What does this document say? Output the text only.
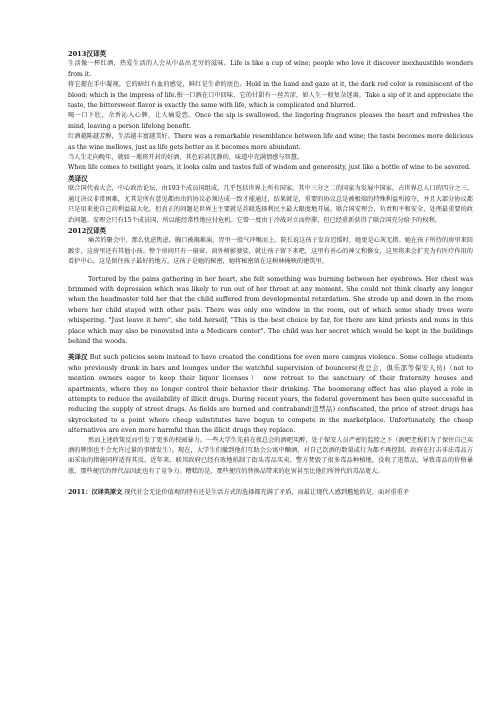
2013汉译英

生活像一杯红酒，热爱生活的人会从中品出无穷的滋味。Life is like a cup of wine; people who love it discover inexhaustible wonders from it.

将它握在手中凝视，它的暗红有血的感觉，鲜红是生命的底色。Hold in the hand and gaze at it, the dark red color is reminiscent of the blood; which is the impress of life.抿一口酒在口中回味，它的甘甜有一丝苦涩，如人生一般复杂迷离。Take a sip of it and appreciate the taste, the bittersweet flavor is exactly the same with life, which is complicated and blurred.

喝一口下肚，余香沁入心脾，让人痛爱恋。Once the sip is swallowed, the lingering fragrance pleases the heart and refreshes the mind, leaving a person lifelong benefit.

红酒越陈越芳醇，生活越丰富越美好。There was a remarkable resemblance between life and wine; the taste becomes more delicious as the wine mellows, just as life gets better as it becomes more abundant.

当人生走向晚年，就如一瓶将开封的好酒，其色彩甚沉静的，味道中充满情感与智慧。

When life comes to twilight years, it looks calm and tastes full of wisdom and generosity, just like a bottle of wine to be savored.

英译汉

联合国代表大会，中心政治论坛，由193个成员国组成，几乎包括世界上所有国家。其中三分之二的国家为发展中国家，占世界总人口的四分之三。通过决议非常困难，尤其是所有意见都由出的协议必须达成一致才能通过，结果就是，重要的协议总是被极端的特殊利益所掠夺，并且大部分协议都只是用来使自己的利益最大化，但真正的问题是世界上主要就是苏联选择利民主最大限度地开展。联合国安理会，负责和平和安全，处理最重要的政治问题。安理会只有15个成员国，所以能经常性地应付危机。它曾一度由于冷战对立而停滞，但已经重新获得了联合国充分给予的权利。

2012汉译英

痛苦的聚会中，那么忧虑焦虑，胸口被揭难演，胃里一股气冲喉而上。院长说这孩子发育迟缓时，她更是心灰无措。她在孩子所待的房里来回踱步，这房里还有其他小孩。整个房间只有一扇窗，窗外树影婆娑，就让孩子留下来吧，这里有善心的神父和修女，这里将来会扩充为有医疗作用的看护中心，这是留住孩子最好的地方。这孩子是她的秘密，她将秘密留在这树林掩映的建筑里。

Tortured by the pains gathering in her heart, she felt something was burning between her eyebrows. Her chest was brimmed with depression which was likely to run out of her throat at any moment. She could not think clearly any longer when the headmaster told her that the child suffered from developmental retardation. She strode up and down in the room where her child stayed with other pals. There was only one window in the room, out of which some shady trees were whispering. "Just leave it here", she told herself, "This is the best choice by far, for there are kind priests and nuns in this place which may also be renovated into a Medicare center". The child was her secret which would be kept in the buildings behind the woods.

英译汉 But such policies seem instead to have created the conditions for even more campus violence. Some college students who previously drank in bars and lounges under the watchful supervision of bouncers(夜总会，俱乐部等保安人员)（not to mention owners eager to keep their liquor licenses） now retreat to the sanctuary of their fraternity houses and apartments, where they no longer control their behavior their drinking. The boomerang effect has also played a role in attempts to reduce the availability of illicit drugs. During recent years, the federal government has been quite successful in reducing the supply of street drugs. As fields are burned and contraband(违禁品) confiscated, the price of street drugs has skyrocketed to a point where cheap substitutes have begun to compete in the marketplace. Unfortunately, the cheap alternatives are even more harmful than the illicit drugs they replace.

然而上述政策反而引发了更多的校园暴力。一些大学生先前在夜总会的酒吧买醉，处于保安人员严密的监控之下（酒吧老板们为了保住自己卖酒的牌照也不会允许过量的事情发生）。现在，大学生们撤到他们互助会公寓中酗酒，对自己饮酒的数量或行为都不再控制。政府在打击非法毒品方面采取的措施同样适得其反。近年来，联邦政府已经有效地掐制了街头毒品买卖。警方焚毁了很多毒品种植地，没收了违禁品，导致毒品的价格暴涨，那些便宜的替代品因此也有了竞争力。糟糕的是，那些便宜的替换品带来的危害甚至比他们所替代的毒品更大。

2011：汉译英原文 现代社会无论价值观的特有还是生活方式的选择都充满了矛盾，而最让现代人感到尴尬的是，面对重重矛
